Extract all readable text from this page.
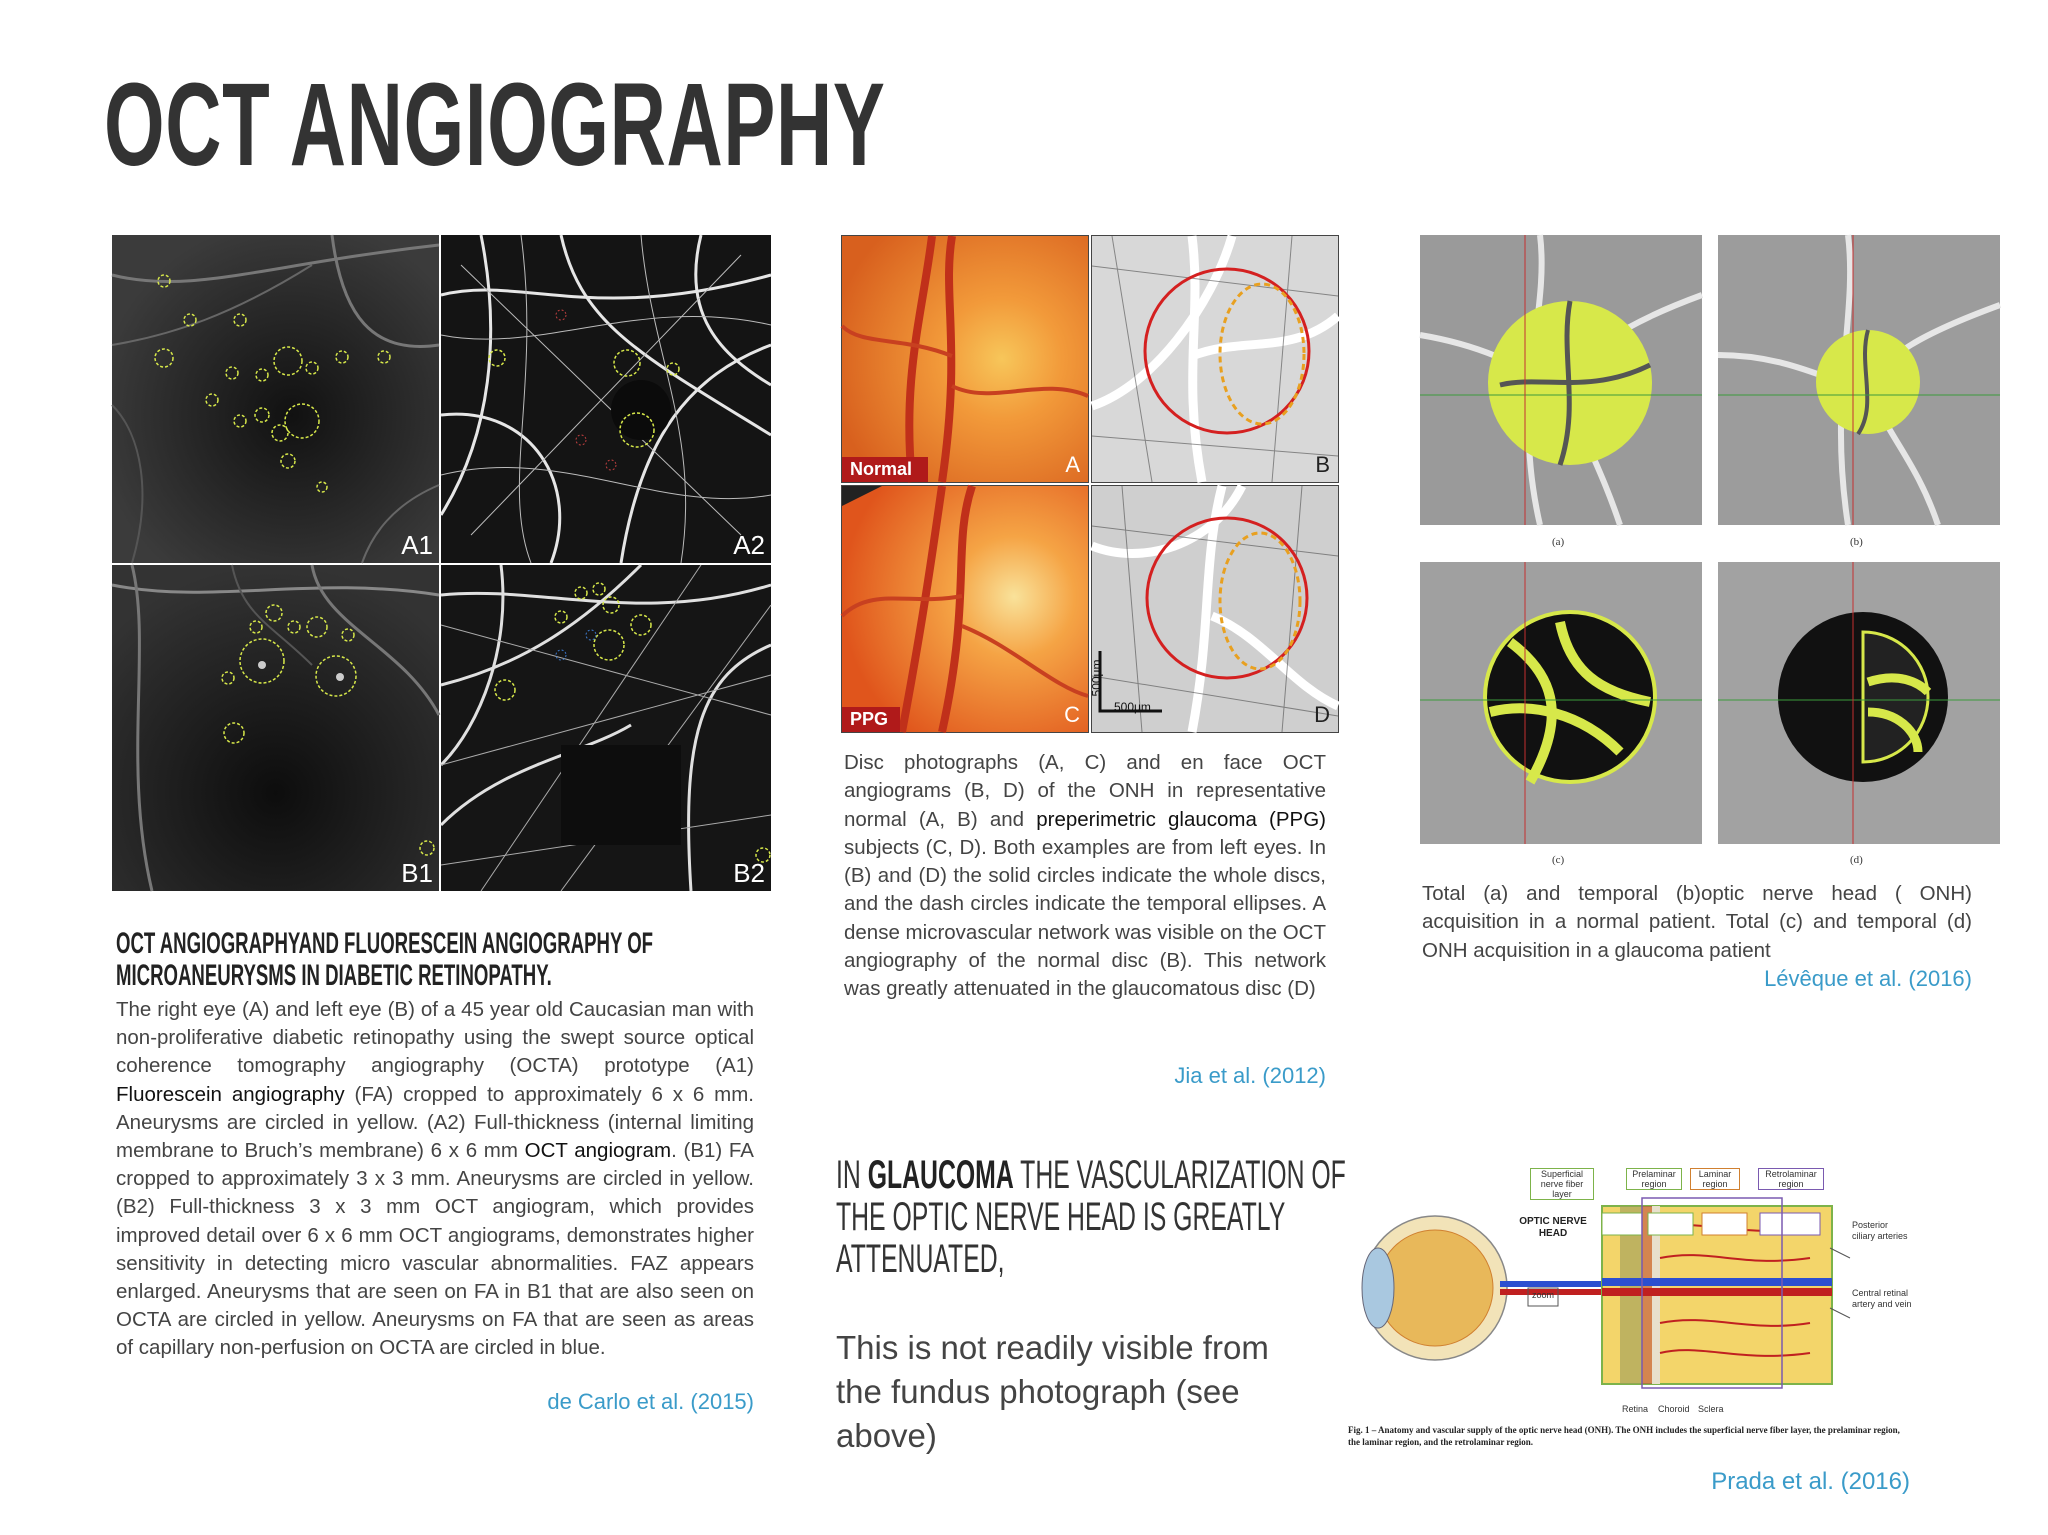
OCT ANGIOGRAPHY
A1	A2
B1	B2
OCT ANGIOGRAPHYAND FLUORESCEIN ANGIOGRAPHY OF
MICROANEURYSMS IN DIABETIC RETINOPATHY.
The right eye (A) and left eye (B) of a 45 year old Caucasian man with non-proliferative diabetic retinopathy using the swept source optical coherence tomography angiography (OCTA) prototype (A1) Fluorescein angiography (FA) cropped to approximately 6 x 6 mm. Aneurysms are circled in yellow. (A2) Full-thickness (internal limiting membrane to Bruch’s membrane) 6 x 6 mm OCT angiogram. (B1) FA cropped to approximately 3 x 3 mm. Aneurysms are circled in yellow. (B2) Full-thickness 3 x 3 mm OCT angiogram, which provides improved detail over 6 x 6 mm OCT angiograms, demonstrates higher sensitivity in detecting micro vascular abnormalities. FAZ appears enlarged. Aneurysms that are seen on FA in B1 that are also seen on OCTA are circled in yellow. Aneurysms on FA that are seen as areas of capillary non-perfusion on OCTA are circled in blue.
de Carlo et al. (2015)
Normal	A	B
PPG	C
500μm
500μm	D
Disc photographs (A, C) and en face OCT angiograms (B, D) of the ONH in representative normal (A, B) and preperimetric glaucoma (PPG) subjects (C, D). Both examples are from left eyes. In (B) and (D) the solid circles indicate the whole discs, and the dash circles indicate the temporal ellipses. A dense microvascular network was visible on the OCT angiography of the normal disc (B). This network was greatly attenuated in the glaucomatous disc (D)
Jia et al. (2012)
(a)	(b)
(c)	(d)
Total (a) and temporal (b)optic nerve head ( ONH) acquisition in a normal patient. Total (c) and temporal (d) ONH acquisition in a glaucoma patient
Lévêque et al. (2016)
IN GLAUCOMA THE VASCULARIZATION OF
THE OPTIC NERVE HEAD IS GREATLY
ATTENUATED,
This is not readily visible from the fundus photograph (see above)
Superficial nerve fiber layer
Prelaminar region
Laminar region
Retrolaminar region
OPTIC NERVE HEAD
Posterior ciliary arteries
Central retinal artery and vein
zoom
Retina Choroid Sclera
Fig. 1 – Anatomy and vascular supply of the optic nerve head (ONH). The ONH includes the superficial nerve fiber layer, the prelaminar region, the laminar region, and the retrolaminar region.
Prada et al. (2016)
